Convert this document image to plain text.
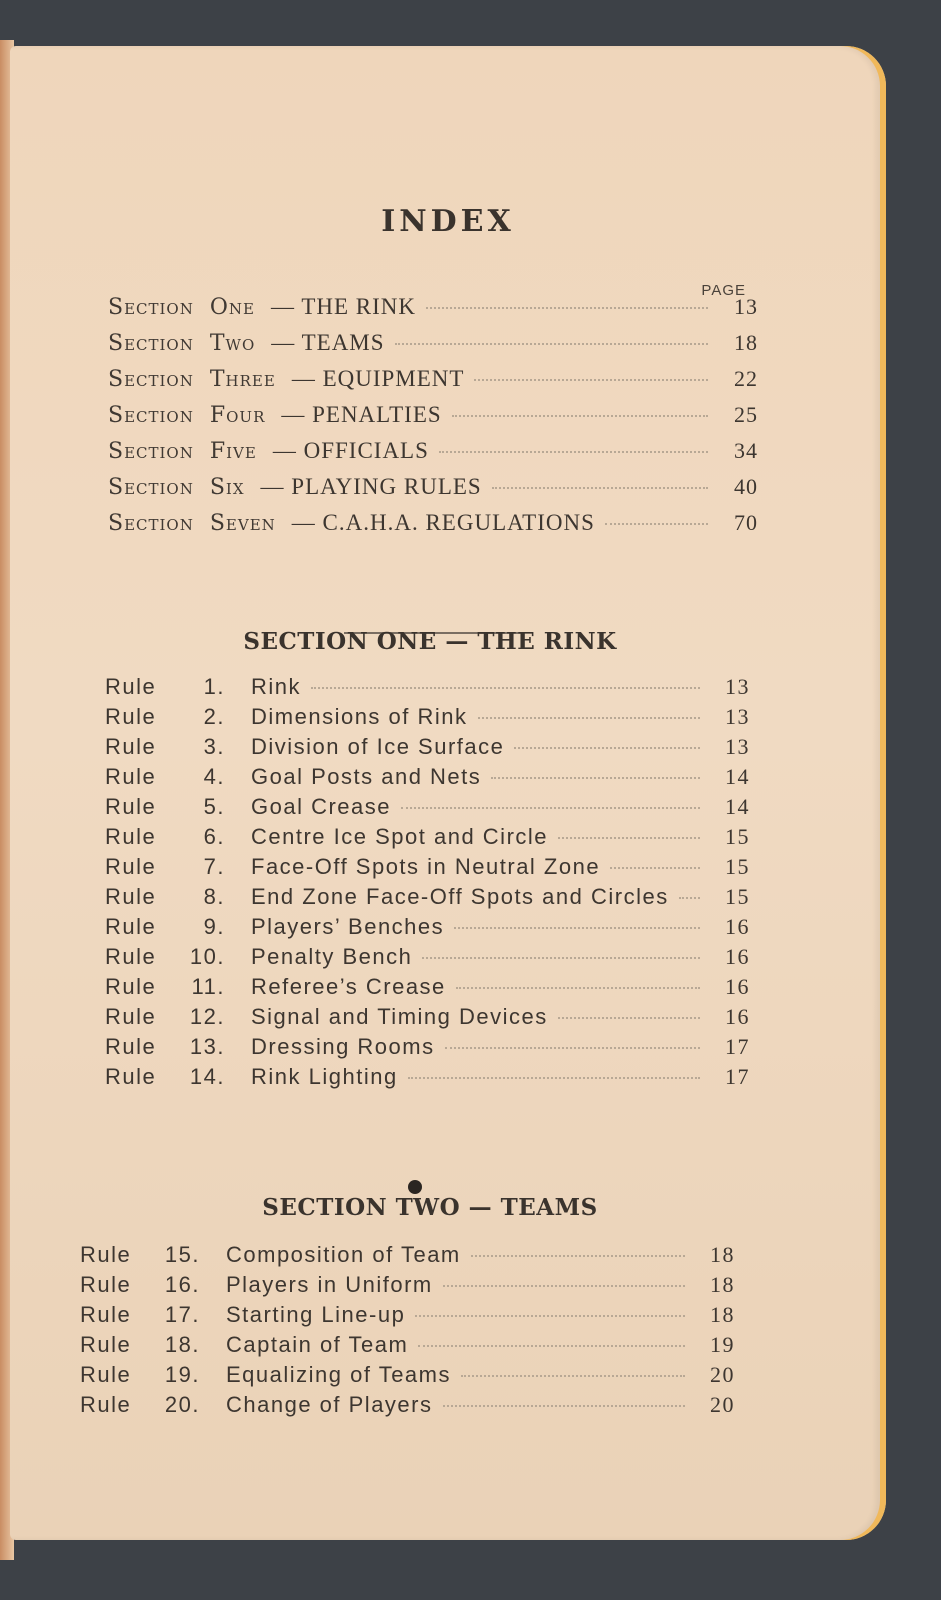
INDEX
PAGE
Section One — THE RINK	13
Section Two — TEAMS	18
Section Three — EQUIPMENT	22
Section Four — PENALTIES	25
Section Five — OFFICIALS	34
Section Six — PLAYING RULES	40
Section Seven — C.A.H.A. REGULATIONS	70
SECTION ONE — THE RINK
Rule	1. Rink	13
Rule	2. Dimensions of Rink	13
Rule	3. Division of Ice Surface	13
Rule	4. Goal Posts and Nets	14
Rule	5. Goal Crease	14
Rule	6. Centre Ice Spot and Circle	15
Rule	7. Face-Off Spots in Neutral Zone	15
Rule	8. End Zone Face-Off Spots and Circles	15
Rule	9. Players’ Benches	16
Rule	10. Penalty Bench	16
Rule	11. Referee’s Crease	16
Rule	12. Signal and Timing Devices	16
Rule	13. Dressing Rooms	17
Rule	14. Rink Lighting	17
SECTION TWO — TEAMS
Rule	15. Composition of Team	18
Rule	16. Players in Uniform	18
Rule	17. Starting Line-up	18
Rule	18. Captain of Team	19
Rule	19. Equalizing of Teams	20
Rule	20. Change of Players	20
